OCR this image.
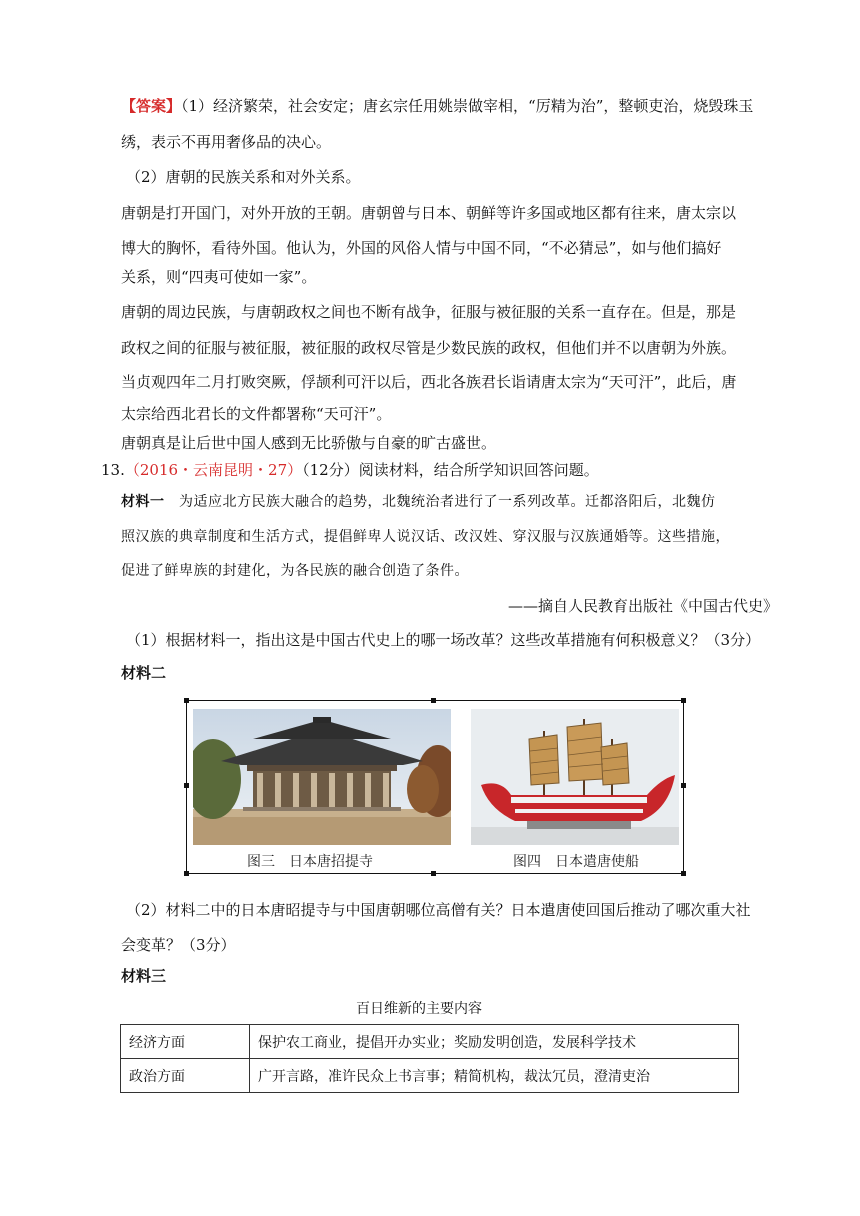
【答案】（1）经济繁荣，社会安定；唐玄宗任用姚崇做宰相，“厉精为治”，整顿吏治，烧毁珠玉
绣，表示不再用奢侈品的决心。
（2）唐朝的民族关系和对外关系。
唐朝是打开国门，对外开放的王朝。唐朝曾与日本、朝鲜等许多国或地区都有往来，唐太宗以
博大的胸怀，看待外国。他认为，外国的风俗人情与中国不同，“不必猜忌”，如与他们搞好
关系，则“四夷可使如一家”。
唐朝的周边民族，与唐朝政权之间也不断有战争，征服与被征服的关系一直存在。但是，那是
政权之间的征服与被征服，被征服的政权尽管是少数民族的政权，但他们并不以唐朝为外族。
当贞观四年二月打败突厥，俘颉利可汗以后，西北各族君长诣请唐太宗为“天可汗”，此后，唐
太宗给西北君长的文件都署称“天可汗”。
唐朝真是让后世中国人感到无比骄傲与自豪的旷古盛世。
13.（2016・云南昆明・27）（12分）阅读材料，结合所学知识回答问题。
材料一　 为适应北方民族大融合的趋势，北魏统治者进行了一系列改革。迁都洛阳后，北魏仿
照汉族的典章制度和生活方式，提倡鲜卑人说汉话、改汉姓、穿汉服与汉族通婚等。这些措施，
促进了鲜卑族的封建化，为各民族的融合创造了条件。
——摘自人民教育出版社《中国古代史》
（1）根据材料一，指出这是中国古代史上的哪一场改革？这些改革措施有何积极意义？（3分）
材料二
图三　日本唐招提寺	图四　日本遣唐使船
（2）材料二中的日本唐昭提寺与中国唐朝哪位高僧有关？日本遣唐使回国后推动了哪次重大社
会变革？（3分）
材料三
百日维新的主要内容
经济方面	保护农工商业，提倡开办实业；奖励发明创造，发展科学技术
政治方面	广开言路，准许民众上书言事；精简机构，裁汰冗员，澄清吏治
